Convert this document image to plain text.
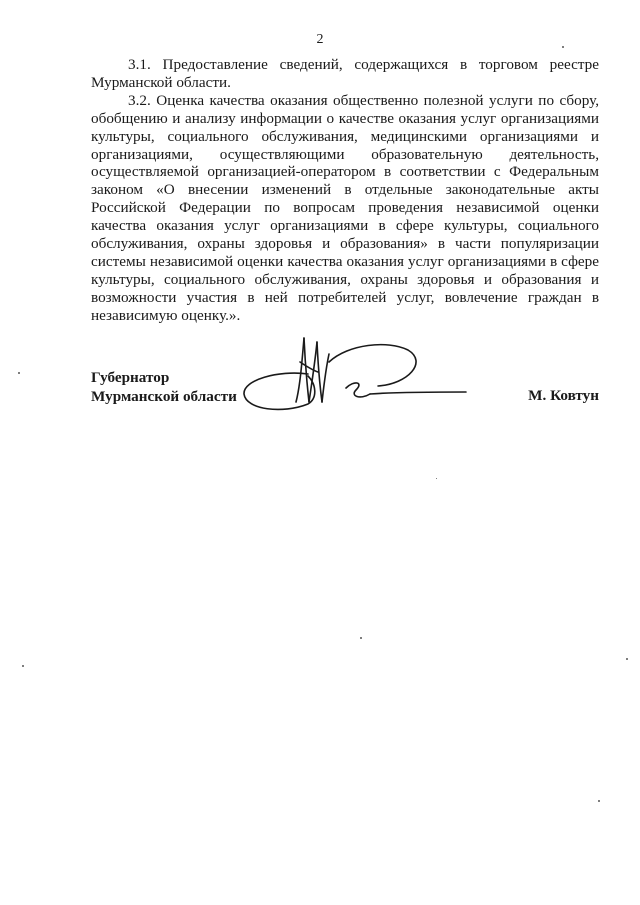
2

3.1. Предоставление сведений, содержащихся в торговом реестре Мурманской области.

3.2. Оценка качества оказания общественно полезной услуги по сбору, обобщению и анализу информации о качестве оказания услуг организациями культуры, социального обслуживания, медицинскими организациями и организациями, осуществляющими образовательную деятельность, осуществляемой организацией-оператором в соответствии с Федеральным законом «О внесении изменений в отдельные законодательные акты Российской Федерации по вопросам проведения независимой оценки качества оказания услуг организациями в сфере культуры, социального обслуживания, охраны здоровья и образования» в части популяризации системы независимой оценки качества оказания услуг организациями в сфере культуры, социального обслуживания, охраны здоровья и образования и возможности участия в ней потребителей услуг, вовлечение граждан в независимую оценку.».

Губернатор
Мурманской области	М. Ковтун
